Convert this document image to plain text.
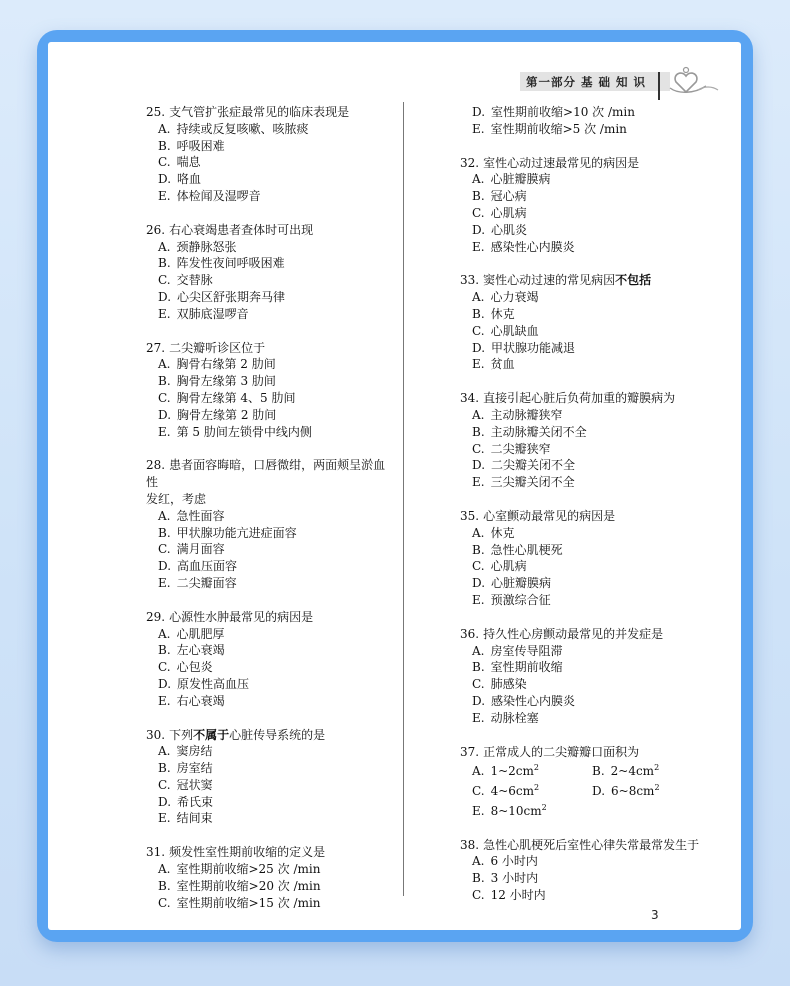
第一部分 基 础 知 识
25. 支气管扩张症最常见的临床表现是
A. 持续或反复咳嗽、咳脓痰
B. 呼吸困难
C. 喘息
D. 咯血
E. 体检闻及湿啰音
26. 右心衰竭患者查体时可出现
A. 颈静脉怒张
B. 阵发性夜间呼吸困难
C. 交替脉
D. 心尖区舒张期奔马律
E. 双肺底湿啰音
27. 二尖瓣听诊区位于
A. 胸骨右缘第 2 肋间
B. 胸骨左缘第 3 肋间
C. 胸骨左缘第 4、5 肋间
D. 胸骨左缘第 2 肋间
E. 第 5 肋间左锁骨中线内侧
28. 患者面容晦暗，口唇微绀，两面颊呈淤血性
发红，考虑
A. 急性面容
B. 甲状腺功能亢进症面容
C. 满月面容
D. 高血压面容
E. 二尖瓣面容
29. 心源性水肿最常见的病因是
A. 心肌肥厚
B. 左心衰竭
C. 心包炎
D. 原发性高血压
E. 右心衰竭
30. 下列不属于心脏传导系统的是
A. 窦房结
B. 房室结
C. 冠状窦
D. 希氏束
E. 结间束
31. 频发性室性期前收缩的定义是
A. 室性期前收缩>25 次 /min
B. 室性期前收缩>20 次 /min
C. 室性期前收缩>15 次 /min
D. 室性期前收缩>10 次 /min
E. 室性期前收缩>5 次 /min
32. 室性心动过速最常见的病因是
A. 心脏瓣膜病
B. 冠心病
C. 心肌病
D. 心肌炎
E. 感染性心内膜炎
33. 窦性心动过速的常见病因不包括
A. 心力衰竭
B. 休克
C. 心肌缺血
D. 甲状腺功能减退
E. 贫血
34. 直接引起心脏后负荷加重的瓣膜病为
A. 主动脉瓣狭窄
B. 主动脉瓣关闭不全
C. 二尖瓣狭窄
D. 二尖瓣关闭不全
E. 三尖瓣关闭不全
35. 心室颤动最常见的病因是
A. 休克
B. 急性心肌梗死
C. 心肌病
D. 心脏瓣膜病
E. 预激综合征
36. 持久性心房颤动最常见的并发症是
A. 房室传导阻滞
B. 室性期前收缩
C. 肺感染
D. 感染性心内膜炎
E. 动脉栓塞
37. 正常成人的二尖瓣瓣口面积为
A. $1\sim 2cm^2$	B. $2\sim 4cm^2$
C. $4\sim 6cm^2$	D. $6\sim 8cm^2$
E. $8\sim 10cm^2$
38. 急性心肌梗死后室性心律失常最常发生于
A. 6 小时内
B. 3 小时内
C. 12 小时内
3
